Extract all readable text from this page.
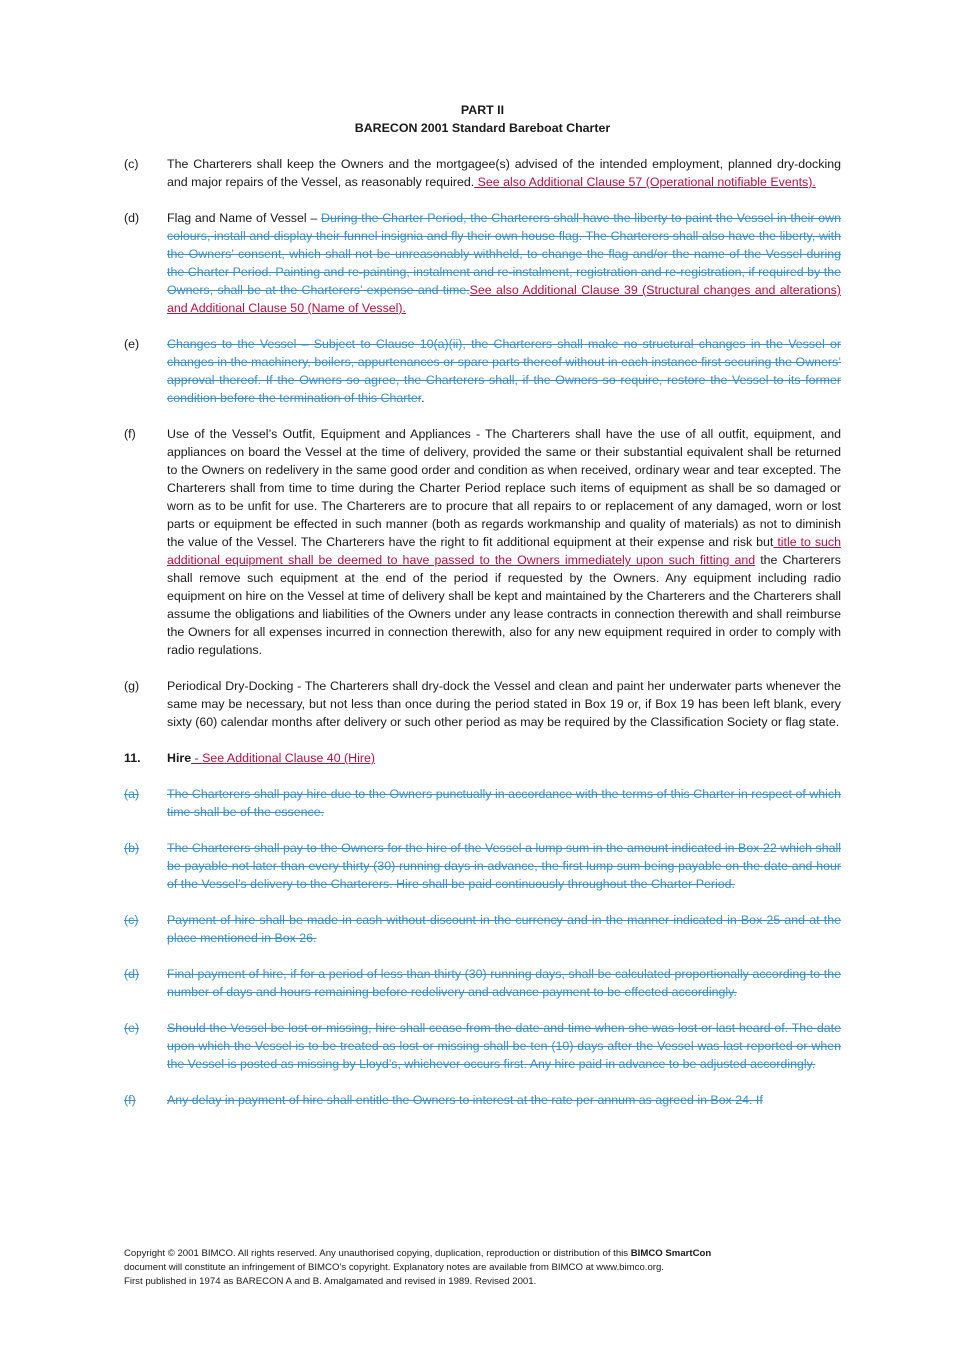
PART II
BARECON 2001 Standard Bareboat Charter
(c)	The Charterers shall keep the Owners and the mortgagee(s) advised of the intended employment, planned dry-docking and major repairs of the Vessel, as reasonably required. See also Additional Clause 57 (Operational notifiable Events).
(d)	Flag and Name of Vessel – During the Charter Period, the Charterers shall have the liberty to paint the Vessel in their own colours, install and display their funnel insignia and fly their own house flag. The Charterers shall also have the liberty, with the Owners’ consent, which shall not be unreasonably withheld, to change the flag and/or the name of the Vessel during the Charter Period. Painting and re-painting, instalment and re-instalment, registration and re-registration, if required by the Owners, shall be at the Charterers’ expense and time.See also Additional Clause 39 (Structural changes and alterations) and Additional Clause 50 (Name of Vessel).
(e)	Changes to the Vessel – Subject to Clause 10(a)(ii), the Charterers shall make no structural changes in the Vessel or changes in the machinery, boilers, appurtenances or spare parts thereof without in each instance first securing the Owners’ approval thereof. If the Owners so agree, the Charterers shall, if the Owners so require, restore the Vessel to its former condition before the termination of this Charter.
(f)	Use of the Vessel’s Outfit, Equipment and Appliances - The Charterers shall have the use of all outfit, equipment, and appliances on board the Vessel at the time of delivery, provided the same or their substantial equivalent shall be returned to the Owners on redelivery in the same good order and condition as when received, ordinary wear and tear excepted. The Charterers shall from time to time during the Charter Period replace such items of equipment as shall be so damaged or worn as to be unfit for use. The Charterers are to procure that all repairs to or replacement of any damaged, worn or lost parts or equipment be effected in such manner (both as regards workmanship and quality of materials) as not to diminish the value of the Vessel. The Charterers have the right to fit additional equipment at their expense and risk but title to such additional equipment shall be deemed to have passed to the Owners immediately upon such fitting and the Charterers shall remove such equipment at the end of the period if requested by the Owners. Any equipment including radio equipment on hire on the Vessel at time of delivery shall be kept and maintained by the Charterers and the Charterers shall assume the obligations and liabilities of the Owners under any lease contracts in connection therewith and shall reimburse the Owners for all expenses incurred in connection therewith, also for any new equipment required in order to comply with radio regulations.
(g)	Periodical Dry-Docking - The Charterers shall dry-dock the Vessel and clean and paint her underwater parts whenever the same may be necessary, but not less than once during the period stated in Box 19 or, if Box 19 has been left blank, every sixty (60) calendar months after delivery or such other period as may be required by the Classification Society or flag state.
11.	Hire - See Additional Clause 40 (Hire)
(a)	The Charterers shall pay hire due to the Owners punctually in accordance with the terms of this Charter in respect of which time shall be of the essence.
(b)	The Charterers shall pay to the Owners for the hire of the Vessel a lump sum in the amount indicated in Box 22 which shall be payable not later than every thirty (30) running days in advance, the first lump sum being payable on the date and hour of the Vessel’s delivery to the Charterers. Hire shall be paid continuously throughout the Charter Period.
(c)	Payment of hire shall be made in cash without discount in the currency and in the manner indicated in Box 25 and at the place mentioned in Box 26.
(d)	Final payment of hire, if for a period of less than thirty (30) running days, shall be calculated proportionally according to the number of days and hours remaining before redelivery and advance payment to be effected accordingly.
(e)	Should the Vessel be lost or missing, hire shall cease from the date and time when she was lost or last heard of. The date upon which the Vessel is to be treated as lost or missing shall be ten (10) days after the Vessel was last reported or when the Vessel is posted as missing by Lloyd’s, whichever occurs first. Any hire paid in advance to be adjusted accordingly.
(f)	Any delay in payment of hire shall entitle the Owners to interest at the rate per annum as agreed in Box 24. If
Copyright © 2001 BIMCO. All rights reserved. Any unauthorised copying, duplication, reproduction or distribution of this BIMCO SmartCon
document will constitute an infringement of BIMCO’s copyright. Explanatory notes are available from BIMCO at www.bimco.org.
First published in 1974 as BARECON A and B. Amalgamated and revised in 1989. Revised 2001.
